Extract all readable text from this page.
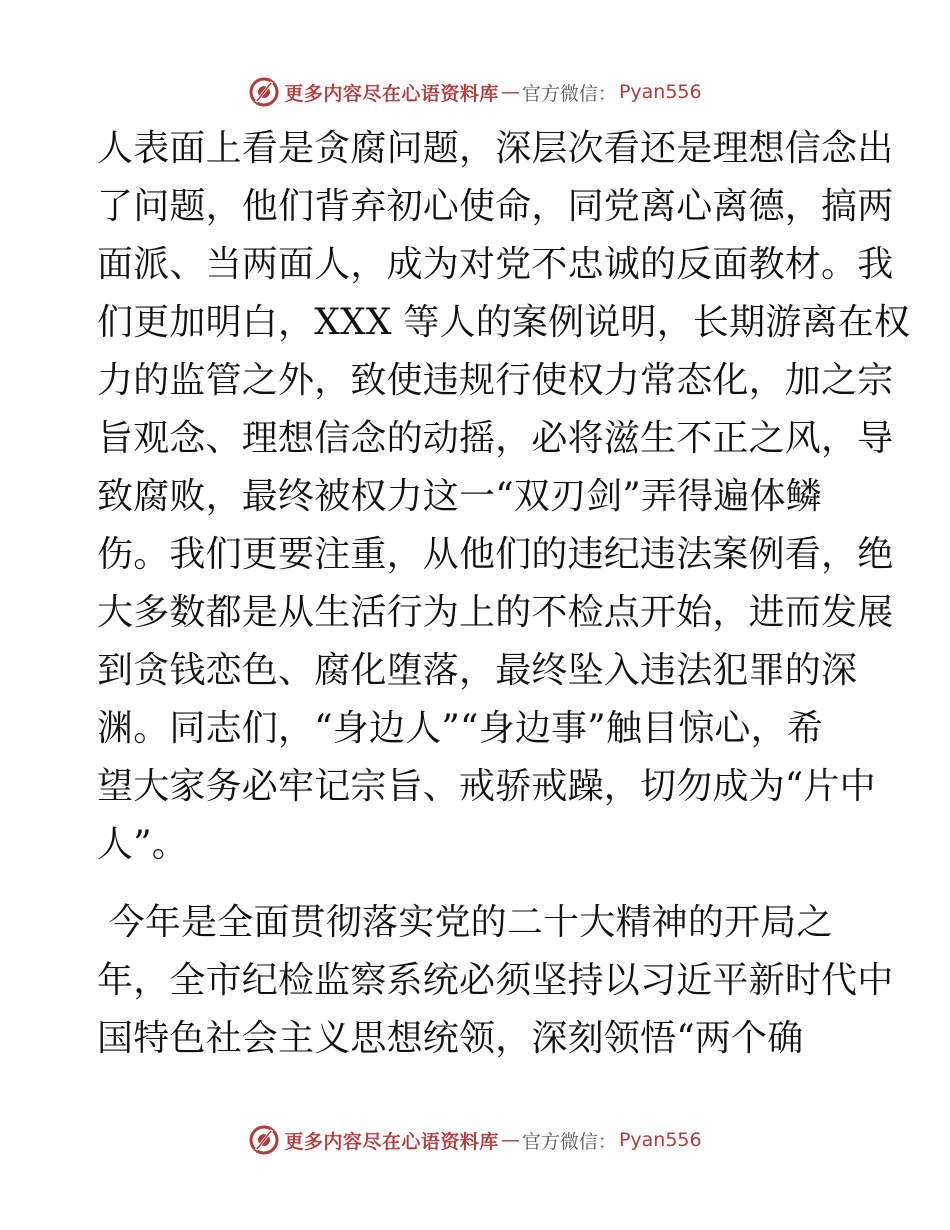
更多内容尽在心语资料库 — 官方微信： Pyan556
人表面上看是贪腐问题，深层次看还是理想信念出
了问题，他们背弃初心使命，同党离心离德，搞两
面派、当两面人，成为对党不忠诚的反面教材。我
们更加明白，XXX 等人的案例说明，长期游离在权
力的监管之外，致使违规行使权力常态化，加之宗
旨观念、理想信念的动摇，必将滋生不正之风，导
致腐败，最终被权力这一“双刃剑”弄得遍体鳞
伤。我们更要注重，从他们的违纪违法案例看，绝
大多数都是从生活行为上的不检点开始，进而发展
到贪钱恋色、腐化堕落，最终坠入违法犯罪的深
渊。同志们，“身边人”“身边事”触目惊心，希
望大家务必牢记宗旨、戒骄戒躁，切勿成为“片中
人”。
今年是全面贯彻落实党的二十大精神的开局之
年，全市纪检监察系统必须坚持以习近平新时代中
国特色社会主义思想统领，深刻领悟“两个确
更多内容尽在心语资料库 — 官方微信： Pyan556
